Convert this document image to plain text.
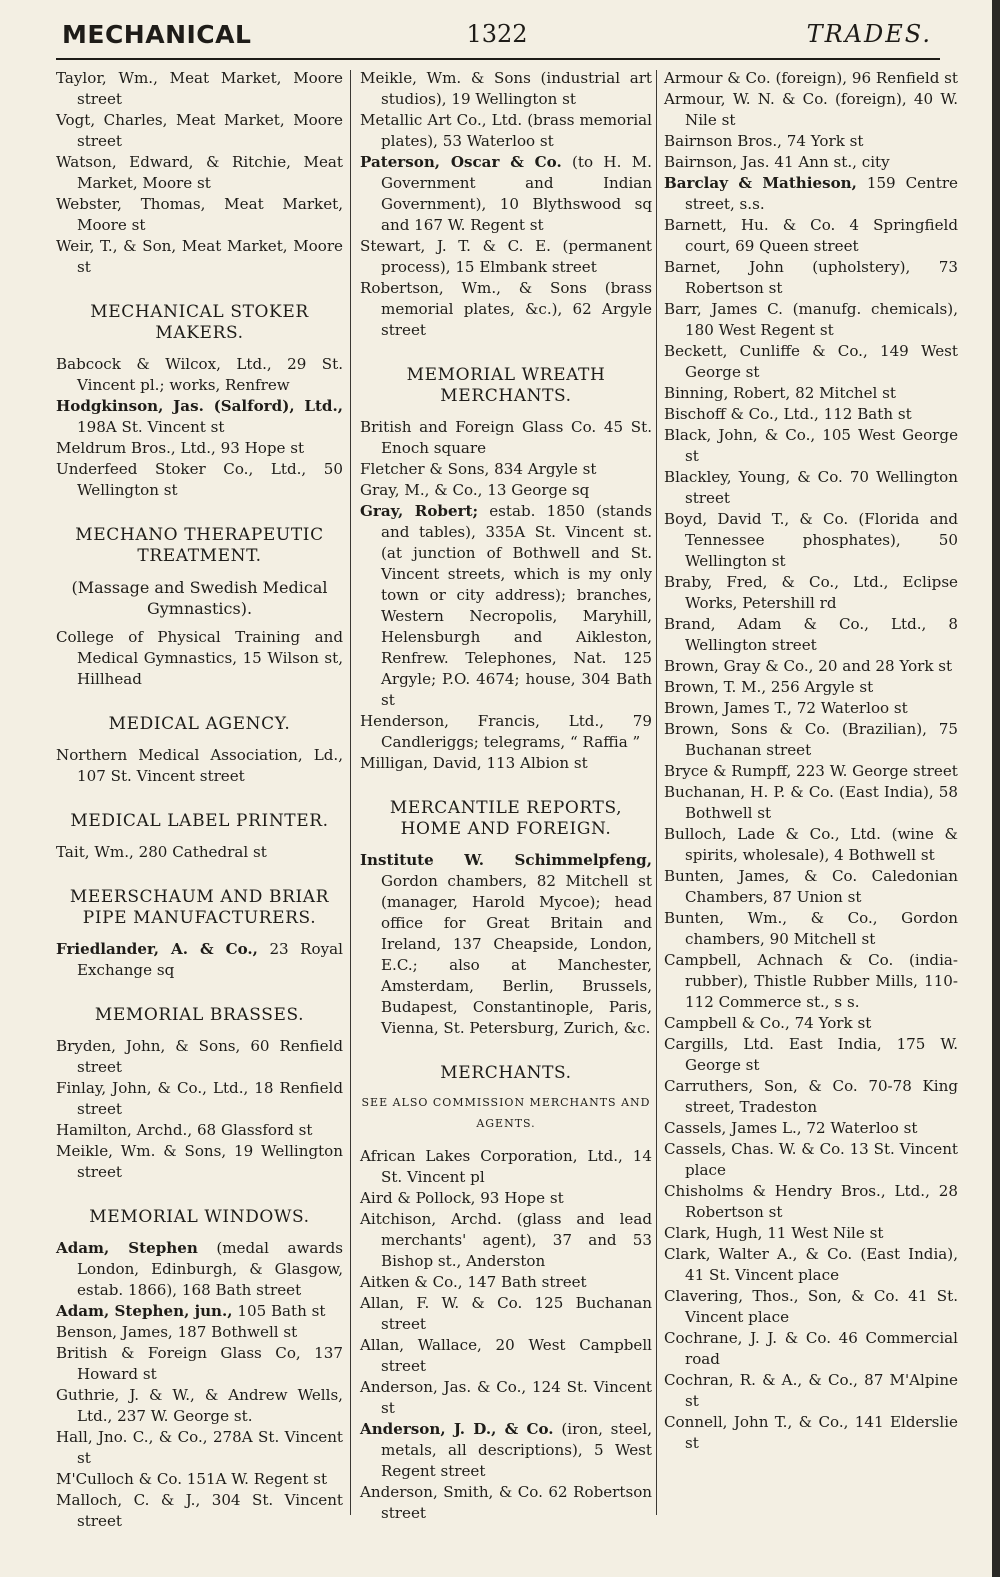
MECHANICAL	1322	TRADES.

Taylor, Wm., Meat Market, Moore street

Vogt, Charles, Meat Market, Moore street

Watson, Edward, & Ritchie, Meat Market, Moore st

Webster, Thomas, Meat Market, Moore st

Weir, T., & Son, Meat Market, Moore st

MECHANICAL STOKER MAKERS.

Babcock & Wilcox, Ltd., 29 St. Vincent pl.; works, Renfrew

Hodgkinson, Jas. (Salford), Ltd., 198A St. Vincent st

Meldrum Bros., Ltd., 93 Hope st

Underfeed Stoker Co., Ltd., 50 Wellington st

MECHANO THERAPEUTIC TREATMENT.
(Massage and Swedish Medical Gymnastics).

College of Physical Training and Medical Gymnastics, 15 Wilson st, Hillhead

MEDICAL AGENCY.

Northern Medical Association, Ld., 107 St. Vincent street

MEDICAL LABEL PRINTER.

Tait, Wm., 280 Cathedral st

MEERSCHAUM AND BRIAR PIPE MANUFACTURERS.

Friedlander, A. & Co., 23 Royal Exchange sq

MEMORIAL BRASSES.

Bryden, John, & Sons, 60 Renfield street

Finlay, John, & Co., Ltd., 18 Renfield street

Hamilton, Archd., 68 Glassford st

Meikle, Wm. & Sons, 19 Wellington street

MEMORIAL WINDOWS.

Adam, Stephen (medal awards London, Edinburgh, & Glasgow, estab. 1866), 168 Bath street

Adam, Stephen, jun., 105 Bath st

Benson, James, 187 Bothwell st

British & Foreign Glass Co, 137 Howard st

Guthrie, J. & W., & Andrew Wells, Ltd., 237 W. George st.

Hall, Jno. C., & Co., 278A St. Vincent st

M'Culloch & Co. 151A W. Regent st

Malloch, C. & J., 304 St. Vincent street

Meikle, Wm. & Sons (industrial art studios), 19 Wellington st

Metallic Art Co., Ltd. (brass memorial plates), 53 Waterloo st

Paterson, Oscar & Co. (to H. M. Government and Indian Government), 10 Blythswood sq and 167 W. Regent st

Stewart, J. T. & C. E. (permanent process), 15 Elmbank street

Robertson, Wm., & Sons (brass memorial plates, &c.), 62 Argyle street

MEMORIAL WREATH MERCHANTS.

British and Foreign Glass Co. 45 St. Enoch square

Fletcher & Sons, 834 Argyle st

Gray, M., & Co., 13 George sq

Gray, Robert; estab. 1850 (stands and tables), 335A St. Vincent st. (at junction of Bothwell and St. Vincent streets, which is my only town or city address); branches, Western Necropolis, Maryhill, Helensburgh and Aikleston, Renfrew. Telephones, Nat. 125 Argyle; P.O. 4674; house, 304 Bath st

Henderson, Francis, Ltd., 79 Candleriggs; telegrams, “ Raffia ”

Milligan, David, 113 Albion st

MERCANTILE REPORTS, HOME AND FOREIGN.

Institute W. Schimmelpfeng, Gordon chambers, 82 Mitchell st (manager, Harold Mycoe); head office for Great Britain and Ireland, 137 Cheapside, London, E.C.; also at Manchester, Amsterdam, Berlin, Brussels, Budapest, Constantinople, Paris, Vienna, St. Petersburg, Zurich, &c.

MERCHANTS.
SEE ALSO COMMISSION MERCHANTS AND AGENTS.

African Lakes Corporation, Ltd., 14 St. Vincent pl

Aird & Pollock, 93 Hope st

Aitchison, Archd. (glass and lead merchants' agent), 37 and 53 Bishop st., Anderston

Aitken & Co., 147 Bath street

Allan, F. W. & Co. 125 Buchanan street

Allan, Wallace, 20 West Campbell street

Anderson, Jas. & Co., 124 St. Vincent st

Anderson, J. D., & Co. (iron, steel, metals, all descriptions), 5 West Regent street

Anderson, Smith, & Co. 62 Robertson street

Armour & Co. (foreign), 96 Renfield st

Armour, W. N. & Co. (foreign), 40 W. Nile st

Bairnson Bros., 74 York st

Bairnson, Jas. 41 Ann st., city

Barclay & Mathieson, 159 Centre street, s.s.

Barnett, Hu. & Co. 4 Springfield court, 69 Queen street

Barnet, John (upholstery), 73 Robertson st

Barr, James C. (manufg. chemicals), 180 West Regent st

Beckett, Cunliffe & Co., 149 West George st

Binning, Robert, 82 Mitchel st

Bischoff & Co., Ltd., 112 Bath st

Black, John, & Co., 105 West George st

Blackley, Young, & Co. 70 Wellington street

Boyd, David T., & Co. (Florida and Tennessee phosphates), 50 Wellington st

Braby, Fred, & Co., Ltd., Eclipse Works, Petershill rd

Brand, Adam & Co., Ltd., 8 Wellington street

Brown, Gray & Co., 20 and 28 York st

Brown, T. M., 256 Argyle st

Brown, James T., 72 Waterloo st

Brown, Sons & Co. (Brazilian), 75 Buchanan street

Bryce & Rumpff, 223 W. George street

Buchanan, H. P. & Co. (East India), 58 Bothwell st

Bulloch, Lade & Co., Ltd. (wine & spirits, wholesale), 4 Bothwell st

Bunten, James, & Co. Caledonian Chambers, 87 Union st

Bunten, Wm., & Co., Gordon chambers, 90 Mitchell st

Campbell, Achnach & Co. (india-rubber), Thistle Rubber Mills, 110-112 Commerce st., s s.

Campbell & Co., 74 York st

Cargills, Ltd. East India, 175 W. George st

Carruthers, Son, & Co. 70-78 King street, Tradeston

Cassels, James L., 72 Waterloo st

Cassels, Chas. W. & Co. 13 St. Vincent place

Chisholms & Hendry Bros., Ltd., 28 Robertson st

Clark, Hugh, 11 West Nile st

Clark, Walter A., & Co. (East India), 41 St. Vincent place

Clavering, Thos., Son, & Co. 41 St. Vincent place

Cochrane, J. J. & Co. 46 Commercial road

Cochran, R. & A., & Co., 87 M'Alpine st

Connell, John T., & Co., 141 Elderslie st
